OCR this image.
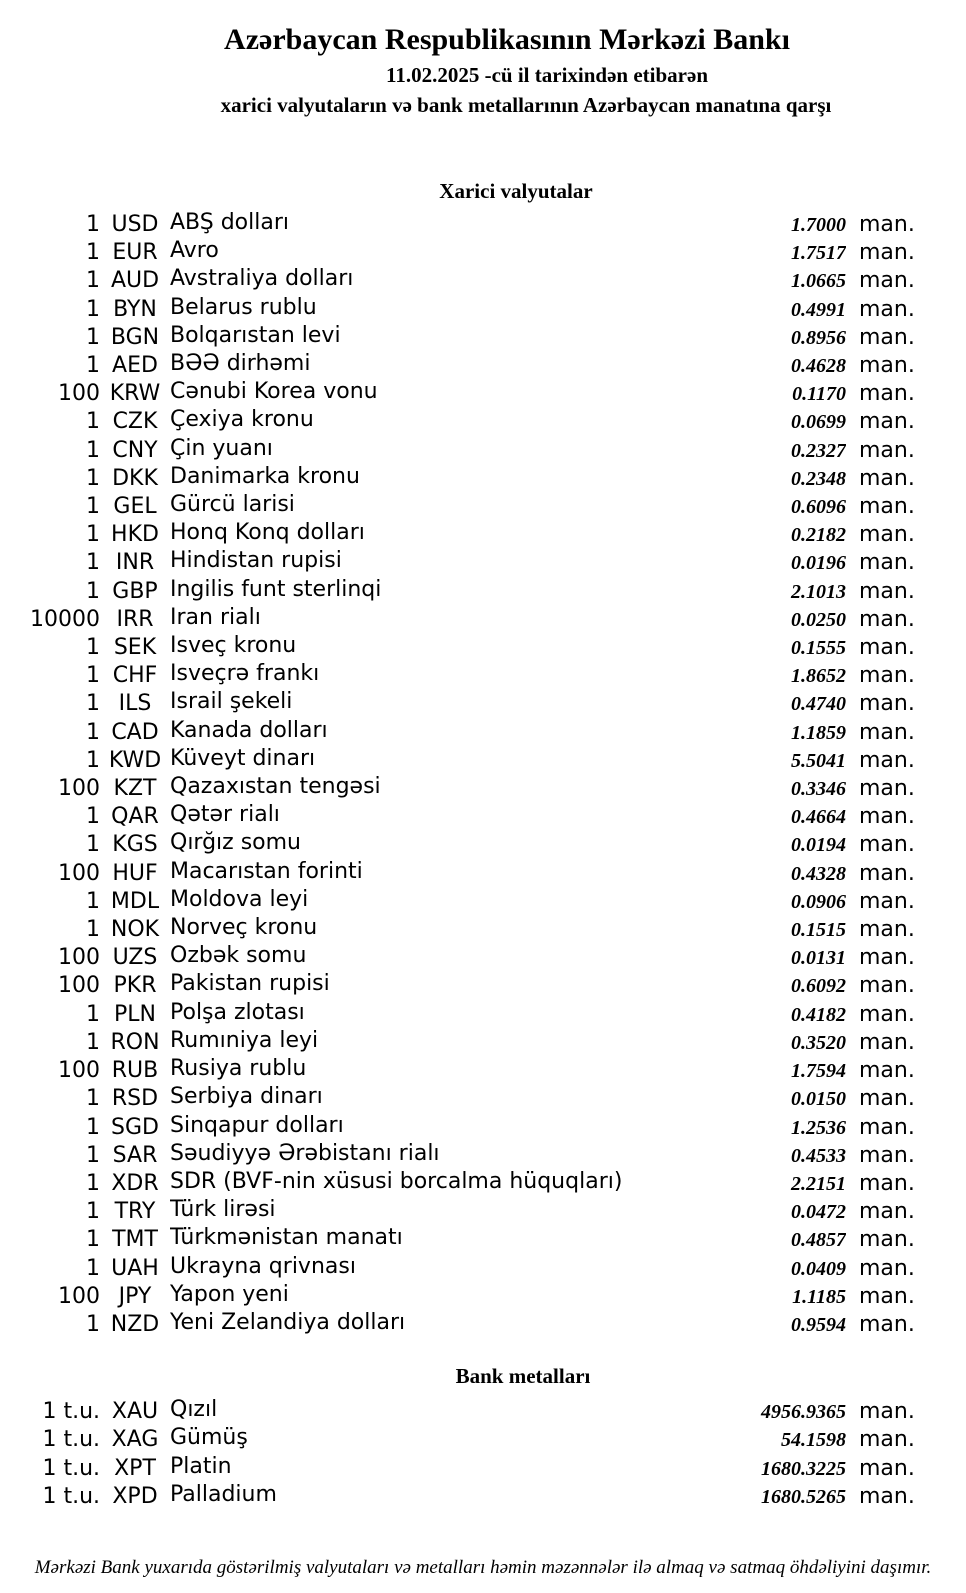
Azərbaycan Respublikasının Mərkəzi Bankı
11.02.2025 -cü il tarixindən etibarən
xarici valyutaların və bank metallarının Azərbaycan manatına qarşı
Xarici valyutalar
1	USD	ABŞ dolları	1.7000	man.
1	EUR	Avro	1.7517	man.
1	AUD	Avstraliya dolları	1.0665	man.
1	BYN	Belarus rublu	0.4991	man.
1	BGN	Bolqarıstan levi	0.8956	man.
1	AED	BƏƏ dirhəmi	0.4628	man.
100	KRW	Cənubi Korea vonu	0.1170	man.
1	CZK	Çexiya kronu	0.0699	man.
1	CNY	Çin yuanı	0.2327	man.
1	DKK	Danimarka kronu	0.2348	man.
1	GEL	Gürcü larisi	0.6096	man.
1	HKD	Honq Konq dolları	0.2182	man.
1	INR	Hindistan rupisi	0.0196	man.
1	GBP	İngilis funt sterlinqi	2.1013	man.
10000	IRR	İran rialı	0.0250	man.
1	SEK	İsveç kronu	0.1555	man.
1	CHF	İsveçrə frankı	1.8652	man.
1	ILS	İsrail şekeli	0.4740	man.
1	CAD	Kanada dolları	1.1859	man.
1	KWD	Küveyt dinarı	5.5041	man.
100	KZT	Qazaxıstan tengəsi	0.3346	man.
1	QAR	Qətər rialı	0.4664	man.
1	KGS	Qırğız somu	0.0194	man.
100	HUF	Macarıstan forinti	0.4328	man.
1	MDL	Moldova leyi	0.0906	man.
1	NOK	Norveç kronu	0.1515	man.
100	UZS	Özbək somu	0.0131	man.
100	PKR	Pakistan rupisi	0.6092	man.
1	PLN	Polşa zlotası	0.4182	man.
1	RON	Rumıniya leyi	0.3520	man.
100	RUB	Rusiya rublu	1.7594	man.
1	RSD	Serbiya dinarı	0.0150	man.
1	SGD	Sinqapur dolları	1.2536	man.
1	SAR	Səudiyyə Ərəbistanı rialı	0.4533	man.
1	XDR	SDR (BVF-nin xüsusi borcalma hüquqları)	2.2151	man.
1	TRY	Türk lirəsi	0.0472	man.
1	TMT	Türkmənistan manatı	0.4857	man.
1	UAH	Ukrayna qrivnası	0.0409	man.
100	JPY	Yapon yeni	1.1185	man.
1	NZD	Yeni Zelandiya dolları	0.9594	man.
Bank metalları
1 t.u.	XAU	Qızıl	4956.9365	man.
1 t.u.	XAG	Gümüş	54.1598	man.
1 t.u.	XPT	Platin	1680.3225	man.
1 t.u.	XPD	Palladium	1680.5265	man.
Mərkəzi Bank yuxarıda göstərilmiş valyutaları və metalları həmin məzənnələr ilə almaq və satmaq öhdəliyini daşımır.
